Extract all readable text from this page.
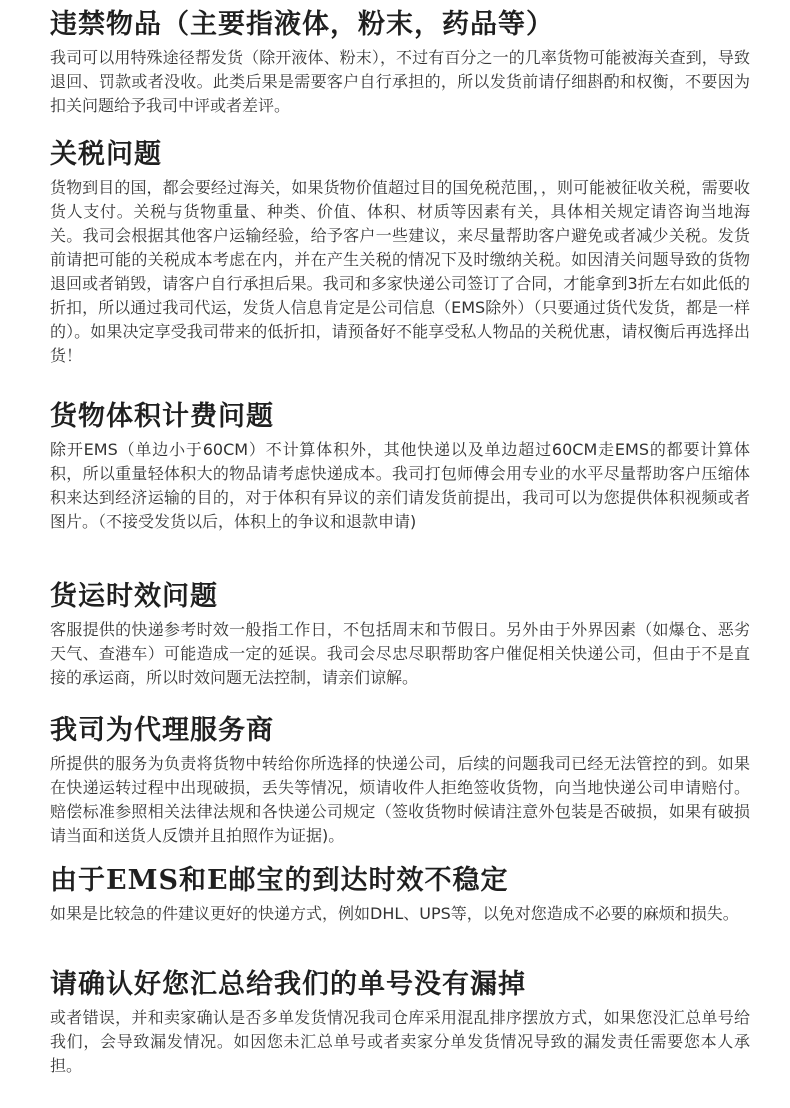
违禁物品（主要指液体，粉末，药品等）

我司可以用特殊途径帮发货（除开液体、粉末），不过有百分之一的几率货物可能被海关查到，导致退回、罚款或者没收。此类后果是需要客户自行承担的，所以发货前请仔细斟酌和权衡，不要因为扣关问题给予我司中评或者差评。

关税问题

货物到目的国，都会要经过海关，如果货物价值超过目的国免税范围，，则可能被征收关税，需要收货人支付。关税与货物重量、种类、价值、体积、材质等因素有关，具体相关规定请咨询当地海关。我司会根据其他客户运输经验，给予客户一些建议，来尽量帮助客户避免或者减少关税。发货前请把可能的关税成本考虑在内，并在产生关税的情况下及时缴纳关税。如因清关问题导致的货物退回或者销毁，请客户自行承担后果。我司和多家快递公司签订了合同，才能拿到3折左右如此低的折扣，所以通过我司代运，发货人信息肯定是公司信息（EMS除外）（只要通过货代发货，都是一样的）。如果决定享受我司带来的低折扣，请预备好不能享受私人物品的关税优惠，请权衡后再选择出货！

货物体积计费问题

除开EMS（单边小于60CM）不计算体积外，其他快递以及单边超过60CM走EMS的都要计算体积，所以重量轻体积大的物品请考虑快递成本。我司打包师傅会用专业的水平尽量帮助客户压缩体积来达到经济运输的目的，对于体积有异议的亲们请发货前提出，我司可以为您提供体积视频或者图片。（不接受发货以后，体积上的争议和退款申请)

货运时效问题

客服提供的快递参考时效一般指工作日，不包括周末和节假日。另外由于外界因素（如爆仓、恶劣天气、查港车）可能造成一定的延误。我司会尽忠尽职帮助客户催促相关快递公司，但由于不是直接的承运商，所以时效问题无法控制，请亲们谅解。

我司为代理服务商

所提供的服务为负责将货物中转给你所选择的快递公司，后续的问题我司已经无法管控的到。如果在快递运转过程中出现破损，丢失等情况，烦请收件人拒绝签收货物，向当地快递公司申请赔付。赔偿标准参照相关法律法规和各快递公司规定（签收货物时候请注意外包装是否破损，如果有破损请当面和送货人反馈并且拍照作为证据)。

由于EMS和E邮宝的到达时效不稳定

如果是比较急的件建议更好的快递方式，例如DHL、UPS等，以免对您造成不必要的麻烦和损失。

请确认好您汇总给我们的单号没有漏掉

或者错误，并和卖家确认是否多单发货情况我司仓库采用混乱排序摆放方式，如果您没汇总单号给我们，会导致漏发情况。如因您未汇总单号或者卖家分单发货情况导致的漏发责任需要您本人承担。
